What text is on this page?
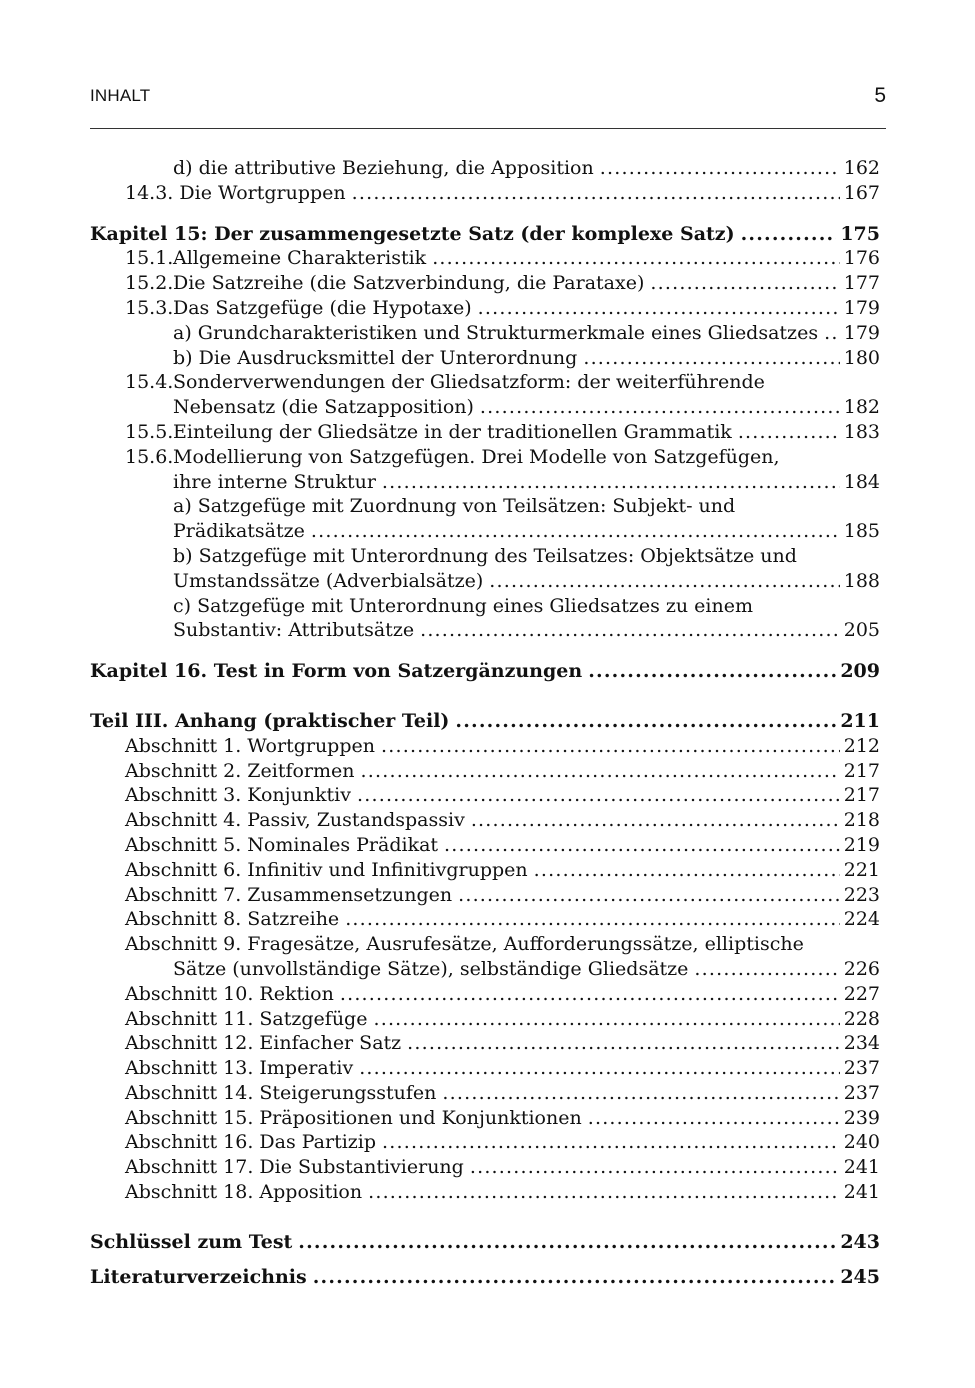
INHALT	5
d) die attributive Beziehung, die Apposition .....	162
14.3. Die Wortgruppen .....	167
Kapitel 15: Der zusammengesetzte Satz (der komplexe Satz) .....	175
15.1. Allgemeine Charakteristik .....	176
15.2. Die Satzreihe (die Satzverbindung, die Parataxe) .....	177
15.3. Das Satzgefüge (die Hypotaxe) .....	179
a) Grundcharakteristiken und Strukturmerkmale eines Gliedsatzes ..... 179
b) Die Ausdrucksmittel der Unterordnung .....	180
15.4. Sonderverwendungen der Gliedsatzform: der weiterführende
Nebensatz (die Satzapposition) .....	182
15.5. Einteilung der Gliedsätze in der traditionellen Grammatik .....	183
15.6. Modellierung von Satzgefügen. Drei Modelle von Satzgefügen,
ihre interne Struktur .....	184
a) Satzgefüge mit Zuordnung von Teilsätzen: Subjekt- und
Prädikatsätze .....	185
b) Satzgefüge mit Unterordnung des Teilsatzes: Objektsätze und
Umstandssätze (Adverbialsätze) .....	188
c) Satzgefüge mit Unterordnung eines Gliedsatzes zu einem
Substantiv: Attributsätze .....	205
Kapitel 16. Test in Form von Satzergänzungen .....	209
Teil III. Anhang (praktischer Teil) .....	211
Abschnitt 1. Wortgruppen .....	212
Abschnitt 2. Zeitformen .....	217
Abschnitt 3. Konjunktiv .....	217
Abschnitt 4. Passiv, Zustandspassiv .....	218
Abschnitt 5. Nominales Prädikat .....	219
Abschnitt 6. Infinitiv und Infinitivgruppen .....	221
Abschnitt 7. Zusammensetzungen .....	223
Abschnitt 8. Satzreihe .....	224
Abschnitt 9. Fragesätze, Ausrufesätze, Aufforderungssätze, elliptische
Sätze (unvollständige Sätze), selbständige Gliedsätze .....	226
Abschnitt 10. Rektion .....	227
Abschnitt 11. Satzgefüge .....	228
Abschnitt 12. Einfacher Satz .....	234
Abschnitt 13. Imperativ .....	237
Abschnitt 14. Steigerungsstufen .....	237
Abschnitt 15. Präpositionen und Konjunktionen .....	239
Abschnitt 16. Das Partizip .....	240
Abschnitt 17. Die Substantivierung .....	241
Abschnitt 18. Apposition .....	241
Schlüssel zum Test .....	243
Literaturverzeichnis .....	245
